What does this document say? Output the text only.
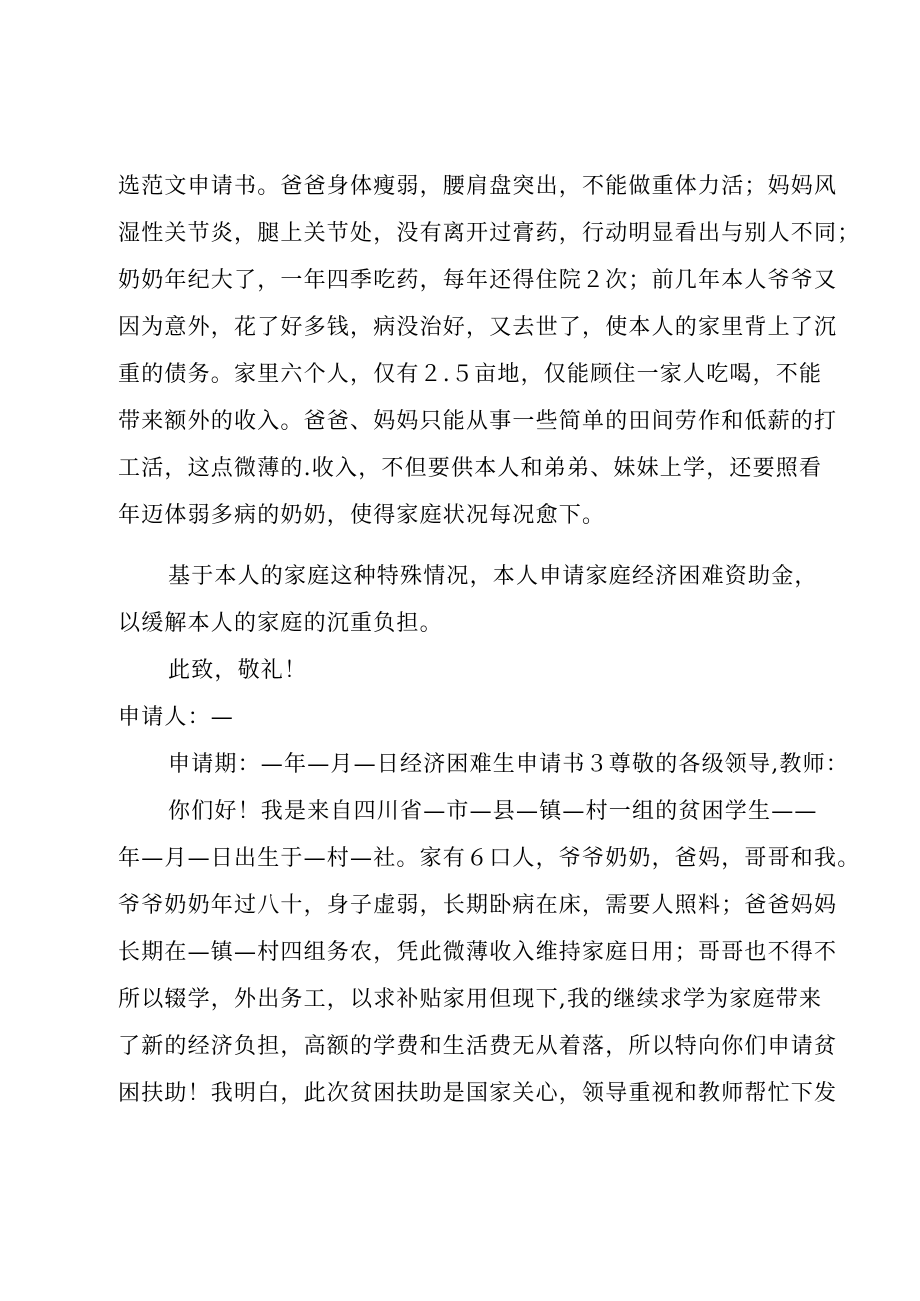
选范文申请书。爸爸身体瘦弱，腰肩盘突出，不能做重体力活；妈妈风
湿性关节炎，腿上关节处，没有离开过膏药，行动明显看出与别人不同；
奶奶年纪大了，一年四季吃药，每年还得住院２次；前几年本人爷爷又
因为意外，花了好多钱，病没治好，又去世了，使本人的家里背上了沉
重的债务。家里六个人，仅有２.５亩地，仅能顾住一家人吃喝，不能
带来额外的收入。爸爸、妈妈只能从事一些简单的田间劳作和低薪的打
工活，这点微薄的.收入，不但要供本人和弟弟、妹妹上学，还要照看
年迈体弱多病的奶奶，使得家庭状况每况愈下。
基于本人的家庭这种特殊情况，本人申请家庭经济困难资助金，
以缓解本人的家庭的沉重负担。
此致，敬礼！
申请人：—
申请期：—年—月—日经济困难生申请书３尊敬的各级领导,教师：
你们好！我是来自四川省—市—县—镇—村一组的贫困学生——
年—月—日出生于—村—社。家有６口人，爷爷奶奶，爸妈，哥哥和我。
爷爷奶奶年过八十，身子虚弱，长期卧病在床，需要人照料；爸爸妈妈
长期在—镇—村四组务农，凭此微薄收入维持家庭日用；哥哥也不得不
所以辍学，外出务工，以求补贴家用但现下,我的继续求学为家庭带来
了新的经济负担，高额的学费和生活费无从着落，所以特向你们申请贫
困扶助！我明白，此次贫困扶助是国家关心，领导重视和教师帮忙下发
